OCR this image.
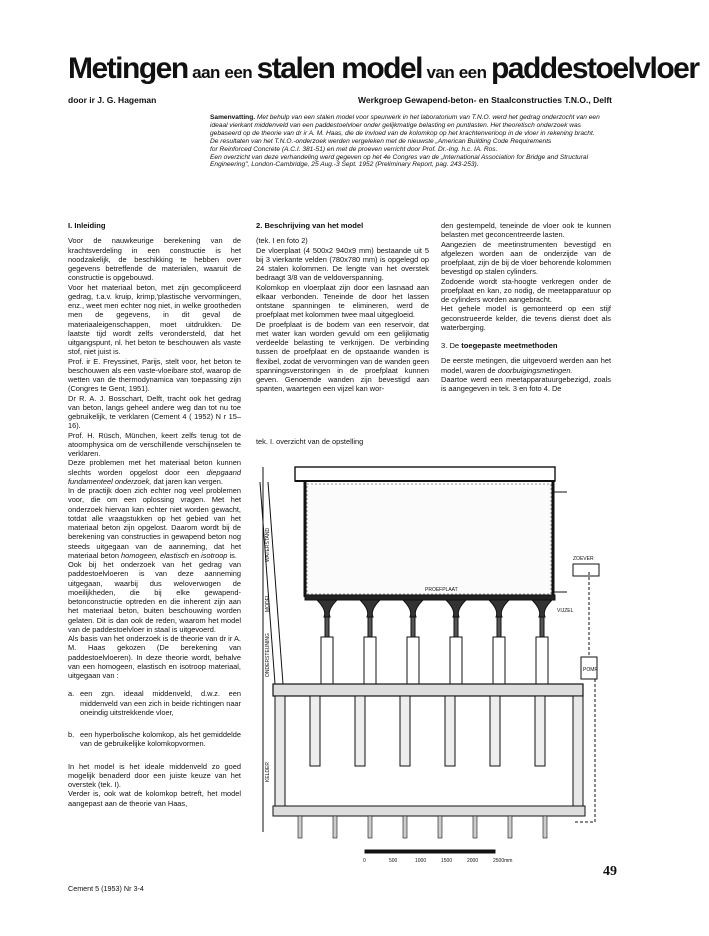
Metingen aan een stalen model van een paddestoelvloer
door ir J. G. Hageman	Werkgroep Gewapend-beton- en Staalconstructies T.N.O., Delft
Samenvatting. Met behulp van een stalen model voor speurwerk in het laboratorium van T.N.O. werd het gedrag onderzocht van een ideaal vierkant middenveld van een paddestoelvloer onder gelijkmatige belasting en puntlasten. Het theoretisch onderzoek was gebaseerd op de theorie van dr ir A. M. Haas, die de invloed van de kolomkop op het krachtenverloop in de vloer in rekening bracht.
De resultaten van het T.N.O.-onderzoek werden vergeleken met de nieuwste „American Building Code Requirements
for Reinforced Concrete (A.C.I. 381-51) en met de proeven verricht door Prof. Dr.-Ing. h.c. IA. Ros.
Een overzicht van deze verhandeling werd gegeven op het 4e Congres van de „International Association for Bridge and Structural Engineering", London-Cambridge, 25 Aug.-3 Sept. 1952 (Preliminary Report, pag. 243-253).

I. Inleiding

Voor de nauwkeurige berekening van de krachtsverdeling in een constructie is het noodzakelijk, de beschikking te hebben over gegevens betreffende de materialen, waaruit de constructie is opgebouwd.

Voor het materiaal beton, met zijn gecompliceerd gedrag, t.a.v. kruip, krimp,'plastische vervormingen, enz., weet men echter nog niet, in welke grootheden men de gegevens, in dit geval de materiaaleigenschappen, moet uitdrukken. De laatste tijd wordt zelfs verondersteld, dat het uitgangspunt, nl. het beton te beschouwen als vaste stof, niet juist is.

Prof. ir E. Freyssinet, Parijs, stelt voor, het beton te beschouwen als een vaste-vloeibare stof, waarop de wetten van de thermodynamica van toepassing zijn (Congres te Gent, 1951).

Dr R. A. J. Bosschart, Delft, tracht ook het gedrag van beton, langs geheel andere weg dan tot nu toe gebruikelijk, te verklaren (Cement 4 ( 1952) N r 15–16).

Prof. H. Rüsch, München, keert zelfs terug tot de atoomphysica om de verschillende verschijnselen te verklaren.

Deze problemen met het materiaal beton kunnen slechts worden opgelost door een diepgaand fundamenteel onderzoek, dat jaren kan vergen.

In de practijk doen zich echter nog veel problemen voor, die om een oplossing vragen. Met het onderzoek hiervan kan echter niet worden gewacht, totdat alle vraagstukken op het gebied van het materiaal beton zijn opgelost. Daarom wordt bij de berekening van constructies in gewapend beton nog steeds uitgegaan van de aanneming, dat het materiaal beton homogeen, elastisch en isotroop is.

Ook bij het onderzoek van het gedrag van paddestoelvloeren is van deze aanneming uitgegaan, waarbij dus weloverwogen de moeilijkheden, die bij elke gewapend-betonconstructie optreden en die inherent zijn aan het materiaal beton, buiten beschouwing worden gelaten. Dit is dan ook de reden, waarom het model van de paddestoelvloer in staal is uitgevoerd.

Als basis van het onderzoek is de theorie van dr ir A. M. Haas gekozen (De berekening van paddestoelvloeren). In deze theorie wordt, behalve van een homogeen, elastisch en isotroop materiaal, uitgegaan van :

a. een zgn. ideaal middenveld, d.w.z. een middenveld van een zich in beide richtingen naar oneindig uitstrekkende vloer,

b. een hyperbolische kolomkop, als het gemiddelde van de gebruikelijke kolomkopvormen.

In het model is het ideale middenveld zo goed mogelijk benaderd door een juiste keuze van het overstek (tek. I).

Verder is, ook wat de kolomkop betreft, het model aangepast aan de theorie van Haas,

2. Beschrijving van het model

(tek. I en foto 2)

De vloerplaat (4 500x2 940x9 mm) bestaande uit 5 bij 3 vierkante velden (780x780 mm) is opgelegd op 24 stalen kolommen. De lengte van het overstek bedraagt 3/8 van de veldoverspanning.

Kolomkop en vloerplaat zijn door een lasnaad aan elkaar verbonden. Teneinde de door het lassen ontstane spanningen te elimineren, werd de proefplaat met kolommen twee maal uitgegloeid.

De proefplaat is de bodem van een reservoir, dat met water kan worden gevuld om een gelijkmatig verdeelde belasting te verkrijgen. De verbinding tussen de proefplaat en de opstaande wanden is flexibel, zodat de vervormingen van de wanden geen spanningsverstoringen in de proefplaat kunnen geven. Genoemde wanden zijn bevestigd aan spanten, waartegen een vijzel kan wor-

den gestempeld, teneinde de vloer ook te kunnen belasten met geconcentreerde lasten.

Aangezien de meetinstrumenten bevestigd en afgelezen worden aan de onderzijde van de proefplaat, zijn de bij de vloer behorende kolommen bevestigd op stalen cylinders.

Zodoende wordt sta-hoogte verkregen onder de proefplaat en kan, zo nodig, de meetapparatuur op de cylinders worden aangebracht.

Het gehele model is gemonteerd op een stijf geconstrueerde kelder, die tevens dienst doet als waterberging.

3. De toegepaste meetmethoden

De eerste metingen, die uitgevoerd werden aan het model, waren de doorbuigingsmetingen.

Daartoe werd een meetapparatuurgebezigd, zoals is aangegeven in tek. 3 en foto 4. De

tek. I. overzicht van de opstelling
PROEFPLAAT
ZOEVER
POMP
VIJZEL
WATERSTAND
MODEL
ONDERSTEUNING
KELDER
0	500	1000	1500	2000	2500mm
49
Cement 5 (1953) Nr 3-4
